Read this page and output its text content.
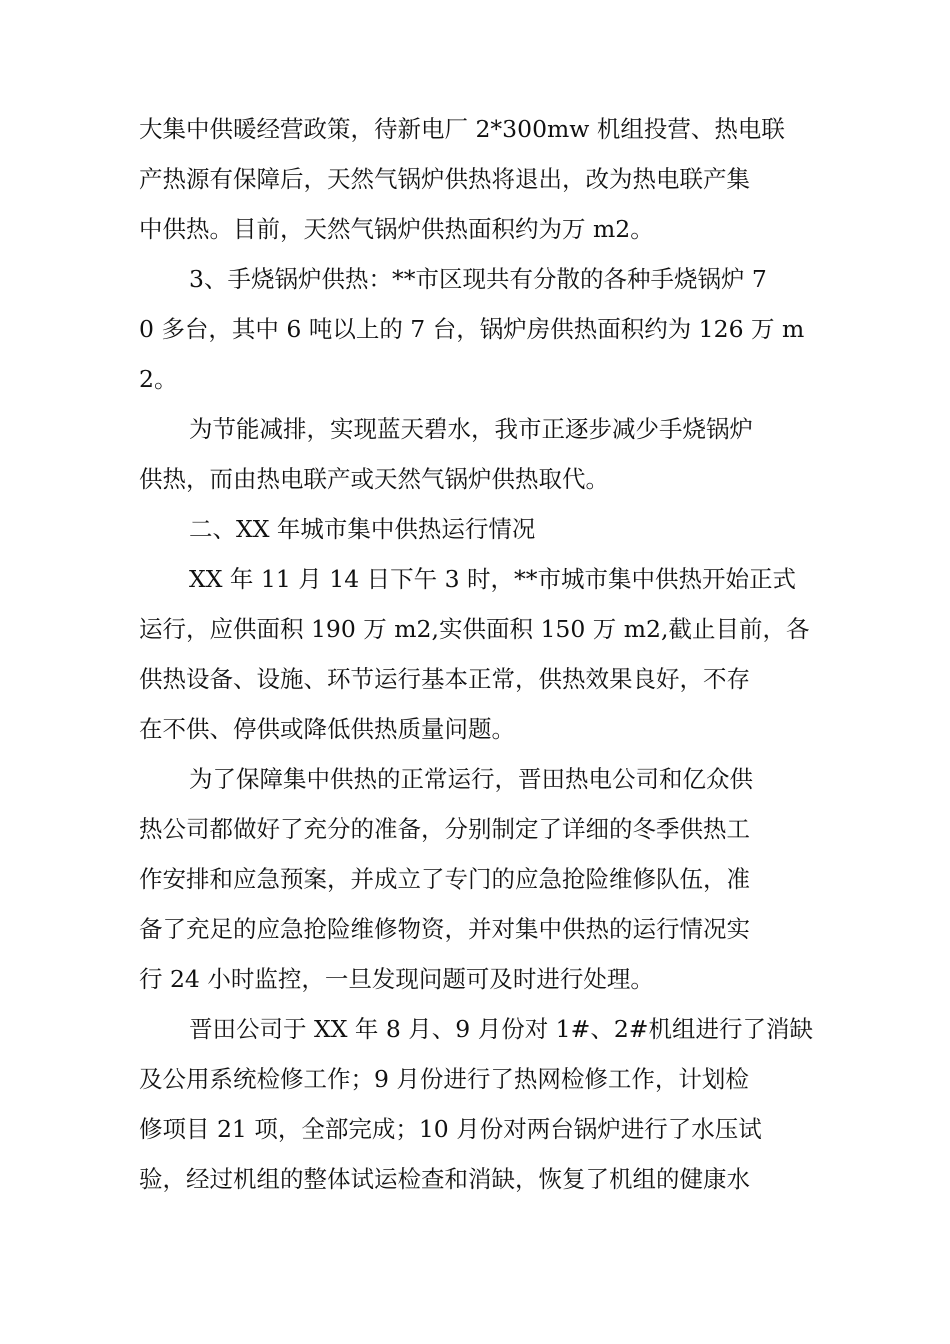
大集中供暖经营政策，待新电厂 2*300mw 机组投营、热电联
产热源有保障后，天然气锅炉供热将退出，改为热电联产集
中供热。目前，天然气锅炉供热面积约为万 m2。
3、手烧锅炉供热：**市区现共有分散的各种手烧锅炉 7
0 多台，其中 6 吨以上的 7 台，锅炉房供热面积约为 126 万 m
2。
为节能减排，实现蓝天碧水，我市正逐步减少手烧锅炉
供热，而由热电联产或天然气锅炉供热取代。
二、XX 年城市集中供热运行情况
XX 年 11 月 14 日下午 3 时，**市城市集中供热开始正式
运行，应供面积 190 万 m2,实供面积 150 万 m2,截止目前，各
供热设备、设施、环节运行基本正常，供热效果良好，不存
在不供、停供或降低供热质量问题。
为了保障集中供热的正常运行，晋田热电公司和亿众供
热公司都做好了充分的准备，分别制定了详细的冬季供热工
作安排和应急预案，并成立了专门的应急抢险维修队伍，准
备了充足的应急抢险维修物资，并对集中供热的运行情况实
行 24 小时监控，一旦发现问题可及时进行处理。
晋田公司于 XX 年 8 月、9 月份对 1#、2#机组进行了消缺
及公用系统检修工作；9 月份进行了热网检修工作，计划检
修项目 21 项，全部完成；10 月份对两台锅炉进行了水压试
验，经过机组的整体试运检查和消缺，恢复了机组的健康水
